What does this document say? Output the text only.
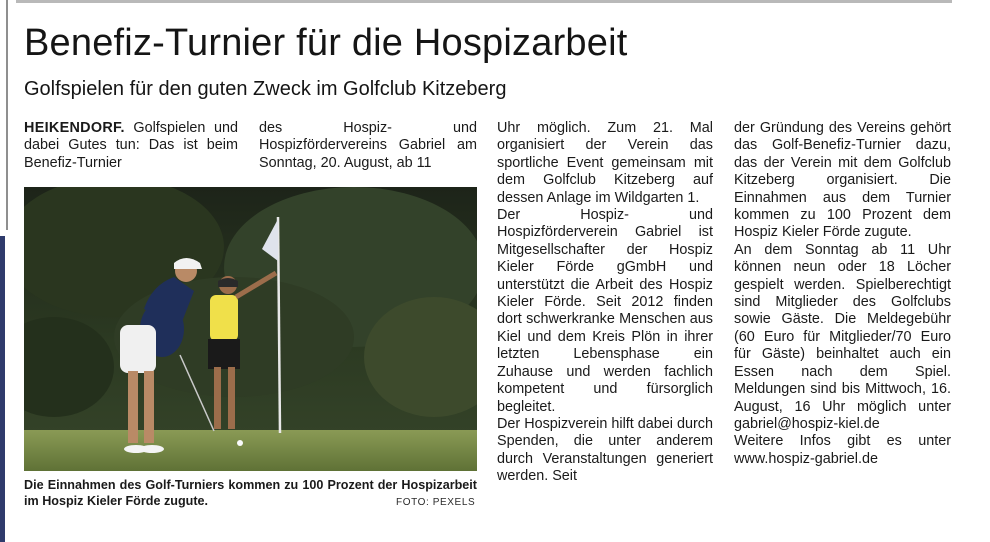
Benefiz-Turnier für die Hospizarbeit
Golfspielen für den guten Zweck im Golfclub Kitzeberg

HEIKENDORF. Golfspielen und dabei Gutes tun: Das ist beim Benefiz-Turnier

des Hospiz- und Hospizfördervereins Gabriel am Sonntag, 20. August, ab 11

Die Einnahmen des Golf-Turniers kommen zu 100 Prozent der Hospizarbeit im Hospiz Kieler Förde zugute.	FOTO: PEXELS

Uhr möglich. Zum 21. Mal organisiert der Verein das sportliche Event gemeinsam mit dem Golfclub Kitzeberg auf dessen Anlage im Wildgarten 1.

Der Hospiz- und Hospizförderverein Gabriel ist Mitgesellschafter der Hospiz Kieler Förde gGmbH und unterstützt die Arbeit des Hospiz Kieler Förde. Seit 2012 finden dort schwerkranke Menschen aus Kiel und dem Kreis Plön in ihrer letzten Lebensphase ein Zuhause und werden fachlich kompetent und fürsorglich begleitet.

Der Hospizverein hilft dabei durch Spenden, die unter anderem durch Veranstaltungen generiert werden. Seit

der Gründung des Vereins gehört das Golf-Benefiz-Turnier dazu, das der Verein mit dem Golfclub Kitzeberg organisiert. Die Einnahmen aus dem Turnier kommen zu 100 Prozent dem Hospiz Kieler Förde zugute.

An dem Sonntag ab 11 Uhr können neun oder 18 Löcher gespielt werden. Spielberechtigt sind Mitglieder des Golfclubs sowie Gäste. Die Meldegebühr (60 Euro für Mitglieder/70 Euro für Gäste) beinhaltet auch ein Essen nach dem Spiel. Meldungen sind bis Mittwoch, 16. August, 16 Uhr möglich unter gabriel@hospiz-kiel.de

Weitere Infos gibt es unter www.hospiz-gabriel.de
